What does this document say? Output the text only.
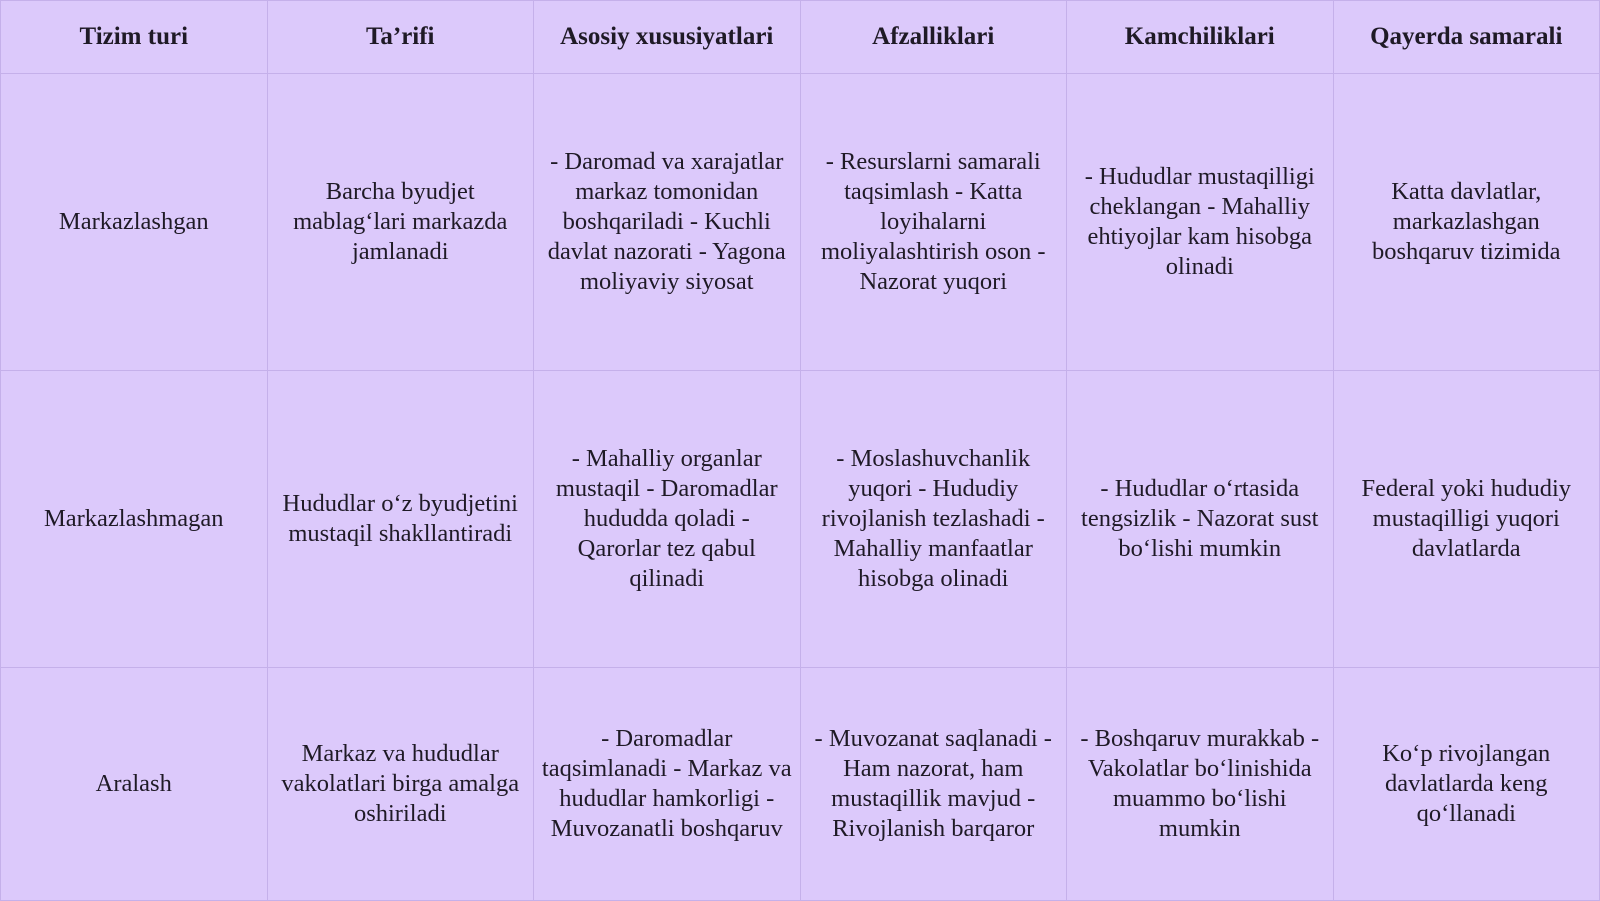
Tizim turi	Ta’rifi	Asosiy xususiyatlari	Afzalliklari	Kamchiliklari	Qayerda samarali
Markazlashgan	Barcha byudjet mablag‘lari markazda jamlanadi	- Daromad va xarajatlar markaz tomonidan boshqariladi - Kuchli davlat nazorati - Yagona moliyaviy siyosat	- Resurslarni samarali taqsimlash - Katta loyihalarni moliyalashtirish oson - Nazorat yuqori	- Hududlar mustaqilligi cheklangan - Mahalliy ehtiyojlar kam hisobga olinadi	Katta davlatlar, markazlashgan boshqaruv tizimida
Markazlashmagan	Hududlar o‘z byudjetini mustaqil shakllantiradi	- Mahalliy organlar mustaqil - Daromadlar hududda qoladi - Qarorlar tez qabul qilinadi	- Moslashuvchanlik yuqori - Hududiy rivojlanish tezlashadi - Mahalliy manfaatlar hisobga olinadi	- Hududlar o‘rtasida tengsizlik - Nazorat sust bo‘lishi mumkin	Federal yoki hududiy mustaqilligi yuqori davlatlarda
Aralash	Markaz va hududlar vakolatlari birga amalga oshiriladi	- Daromadlar taqsimlanadi - Markaz va hududlar hamkorligi - Muvozanatli boshqaruv	- Muvozanat saqlanadi - Ham nazorat, ham mustaqillik mavjud - Rivojlanish barqaror	- Boshqaruv murakkab - Vakolatlar bo‘linishida muammo bo‘lishi mumkin	Ko‘p rivojlangan davlatlarda keng qo‘llanadi
